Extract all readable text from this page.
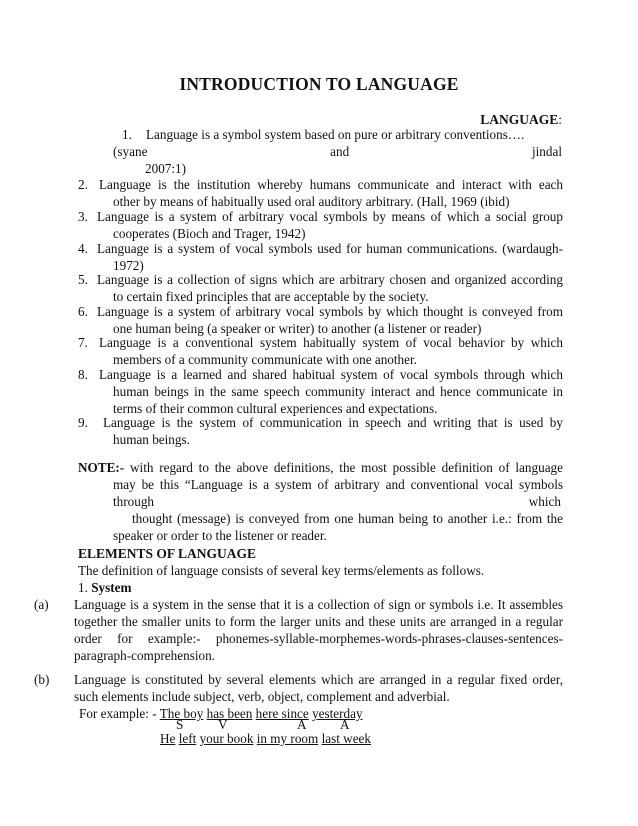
INTRODUCTION TO LANGUAGE
LANGUAGE:
1. Language is a symbol system based on pure or arbitrary conventions….
(syane and jindal
2007:1)
2. Language is the institution whereby humans communicate and interact with each
other by means of habitually used oral auditory arbitrary. (Hall, 1969 (ibid)
3. Language is a system of arbitrary vocal symbols by means of which a social group
cooperates (Bioch and Trager, 1942)
4. Language is a system of vocal symbols used for human communications. (wardaugh-
1972)
5. Language is a collection of signs which are arbitrary chosen and organized according
to certain fixed principles that are acceptable by the society.
6. Language is a system of arbitrary vocal symbols by which thought is conveyed from
one human being (a speaker or writer) to another (a listener or reader)
7. Language is a conventional system habitually system of vocal behavior by which
members of a community communicate with one another.
8. Language is a learned and shared habitual system of vocal symbols through which
human beings in the same speech community interact and hence communicate in
terms of their common cultural experiences and expectations.
9. Language is the system of communication in speech and writing that is used by
human beings.
NOTE:- with regard to the above definitions, the most possible definition of language
may be this “Language is a system of arbitrary and conventional vocal symbols
through which
thought (message) is conveyed from one human being to another i.e.: from the
speaker or order to the listener or reader.
ELEMENTS OF LANGUAGE
The definition of language consists of several key terms/elements as follows.
1. System
(a) Language is a system in the sense that it is a collection of sign or symbols i.e. It assembles
together the smaller units to form the larger units and these units are arranged in a regular
order for example:- phonemes-syllable-morphemes-words-phrases-clauses-sentences-
paragraph-comprehension.
(b) Language is constituted by several elements which are arranged in a regular fixed order,
such elements include subject, verb, object, complement and adverbial.
For example: - The boy has been here since yesterday
S	V	A	A
He left your book in my room last week
